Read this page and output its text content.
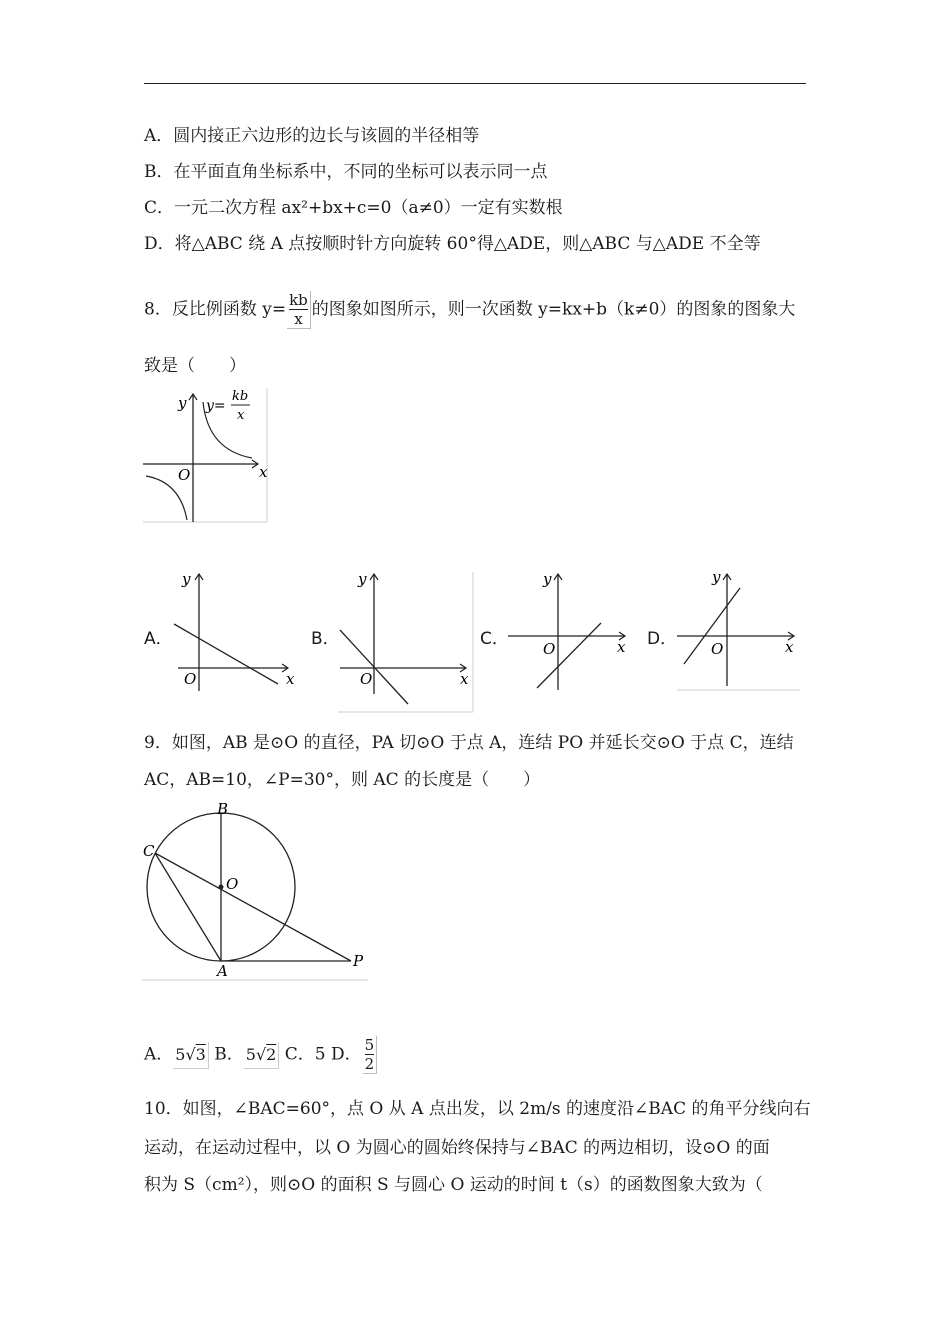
A．圆内接正六边形的边长与该圆的半径相等
B．在平面直角坐标系中，不同的坐标可以表示同一点
C．一元二次方程 ax²+bx+c=0（a≠0）一定有实数根
D．将△ABC 绕 A 点按顺时针方向旋转 60°得△ADE，则△ABC 与△ADE 不全等
8．反比例函数 $y= \frac{kb}{x}$ 的图象如图所示，则一次函数 y=kx+b（k≠0）的图象的图象大
致是（　　）
y
x
O
y=
kb
x
A．
y
x
O
B．
y
x
O
C．
y
x
O	D．
y
x
O
9．如图，AB 是⊙O 的直径，PA 切⊙O 于点 A，连结 PO 并延长交⊙O 于点 C，连结
AC，AB=10，∠P=30°，则 AC 的长度是（　　）
B
C
O
A
P
A． 5√3 B． 5√2 C．5 D． $\frac{5}{2}$
10．如图，∠BAC=60°，点 O 从 A 点出发，以 2m/s 的速度沿∠BAC 的角平分线向右
运动，在运动过程中，以 O 为圆心的圆始终保持与∠BAC 的两边相切，设⊙O 的面
积为 S（cm²），则⊙O 的面积 S 与圆心 O 运动的时间 t（s）的函数图象大致为（
